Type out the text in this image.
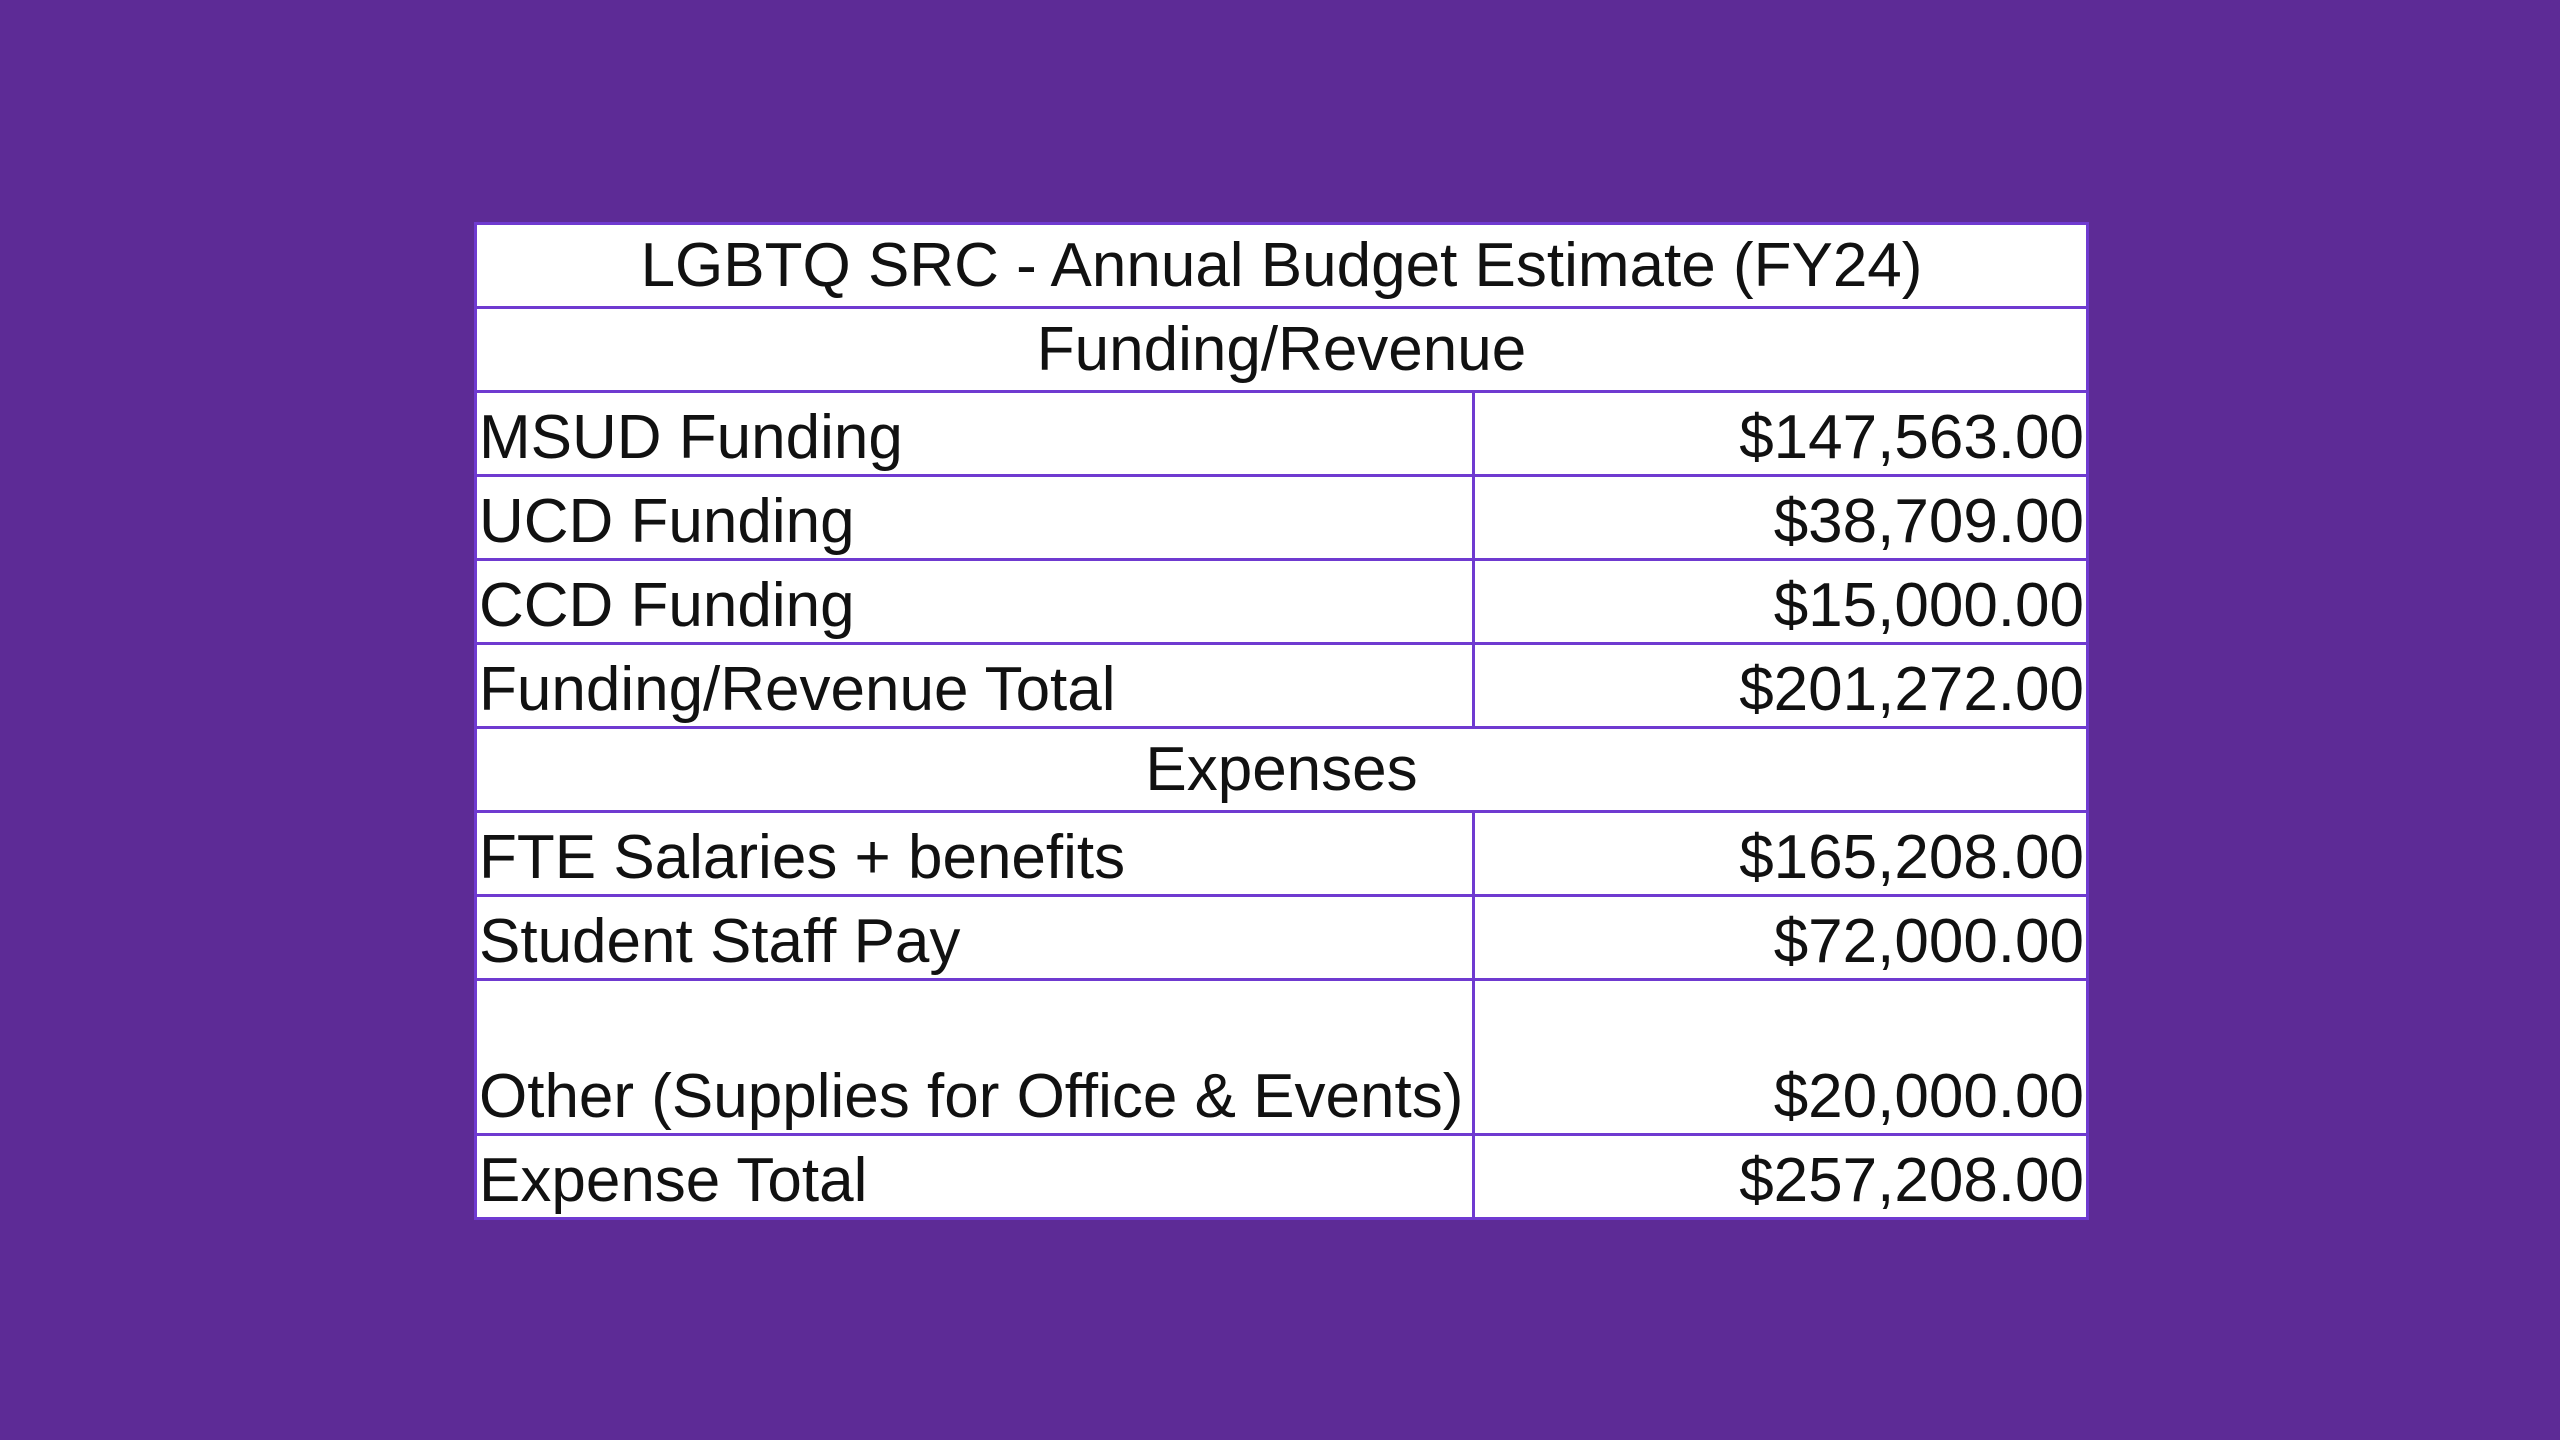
LGBTQ SRC - Annual Budget Estimate (FY24)	
Funding/Revenue	
MSUD Funding	$147,563.00
UCD Funding	$38,709.00
CCD Funding	$15,000.00
Funding/Revenue Total	$201,272.00
Expenses	
FTE Salaries + benefits	$165,208.00
Student Staff Pay	$72,000.00
Other (Supplies for Office & Events)	$20,000.00
Expense Total	$257,208.00
